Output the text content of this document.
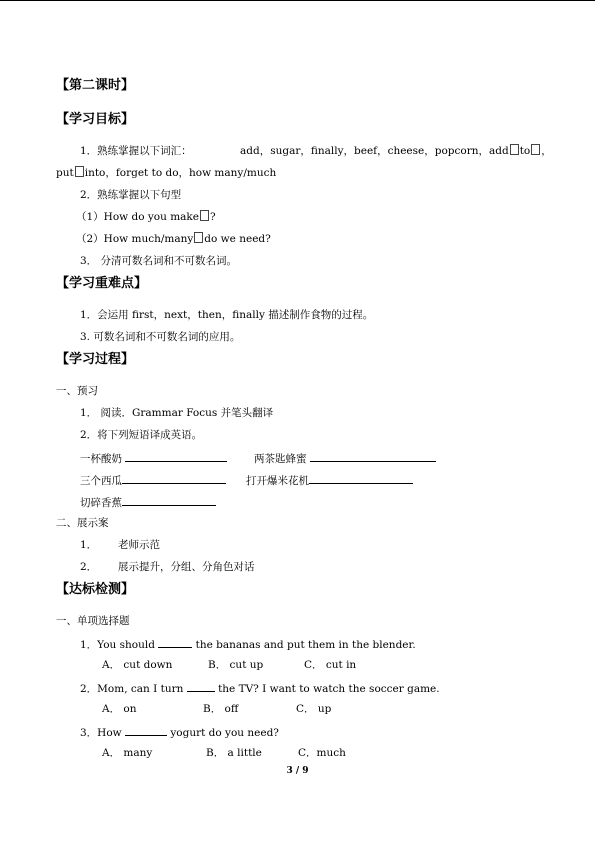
【第二课时】
【学习目标】
1．熟练掌握以下词汇：	add，sugar，finally，beef，cheese，popcorn，add to ，
put into，forget to do，how many/much
2．熟练掌握以下句型
（1）How do you make ?
（2）How much/many do we need?
3． 分清可数名词和不可数名词。
【学习重难点】
1．会运用 first，next，then，finally 描述制作食物的过程。
3. 可数名词和不可数名词的应用。
【学习过程】
一、预习
1． 阅读．Grammar Focus 并笔头翻译
2．将下列短语译成英语。
一杯酸奶	两茶匙蜂蜜
三个西瓜	打开爆米花机
切碎香蕉
二、展示案
1． 老师示范
2． 展示提升，分组、分角色对话
【达标检测】
一、单项选择题
1．You should	the bananas and put them in the blender.
A． cut down	B． cut up	C． cut in
2．Mom, can I turn	the TV? I want to watch the soccer game.
A． on	B． off	C． up
3．How	yogurt do you need?
A． many	B． a little	C．much
3 / 9
